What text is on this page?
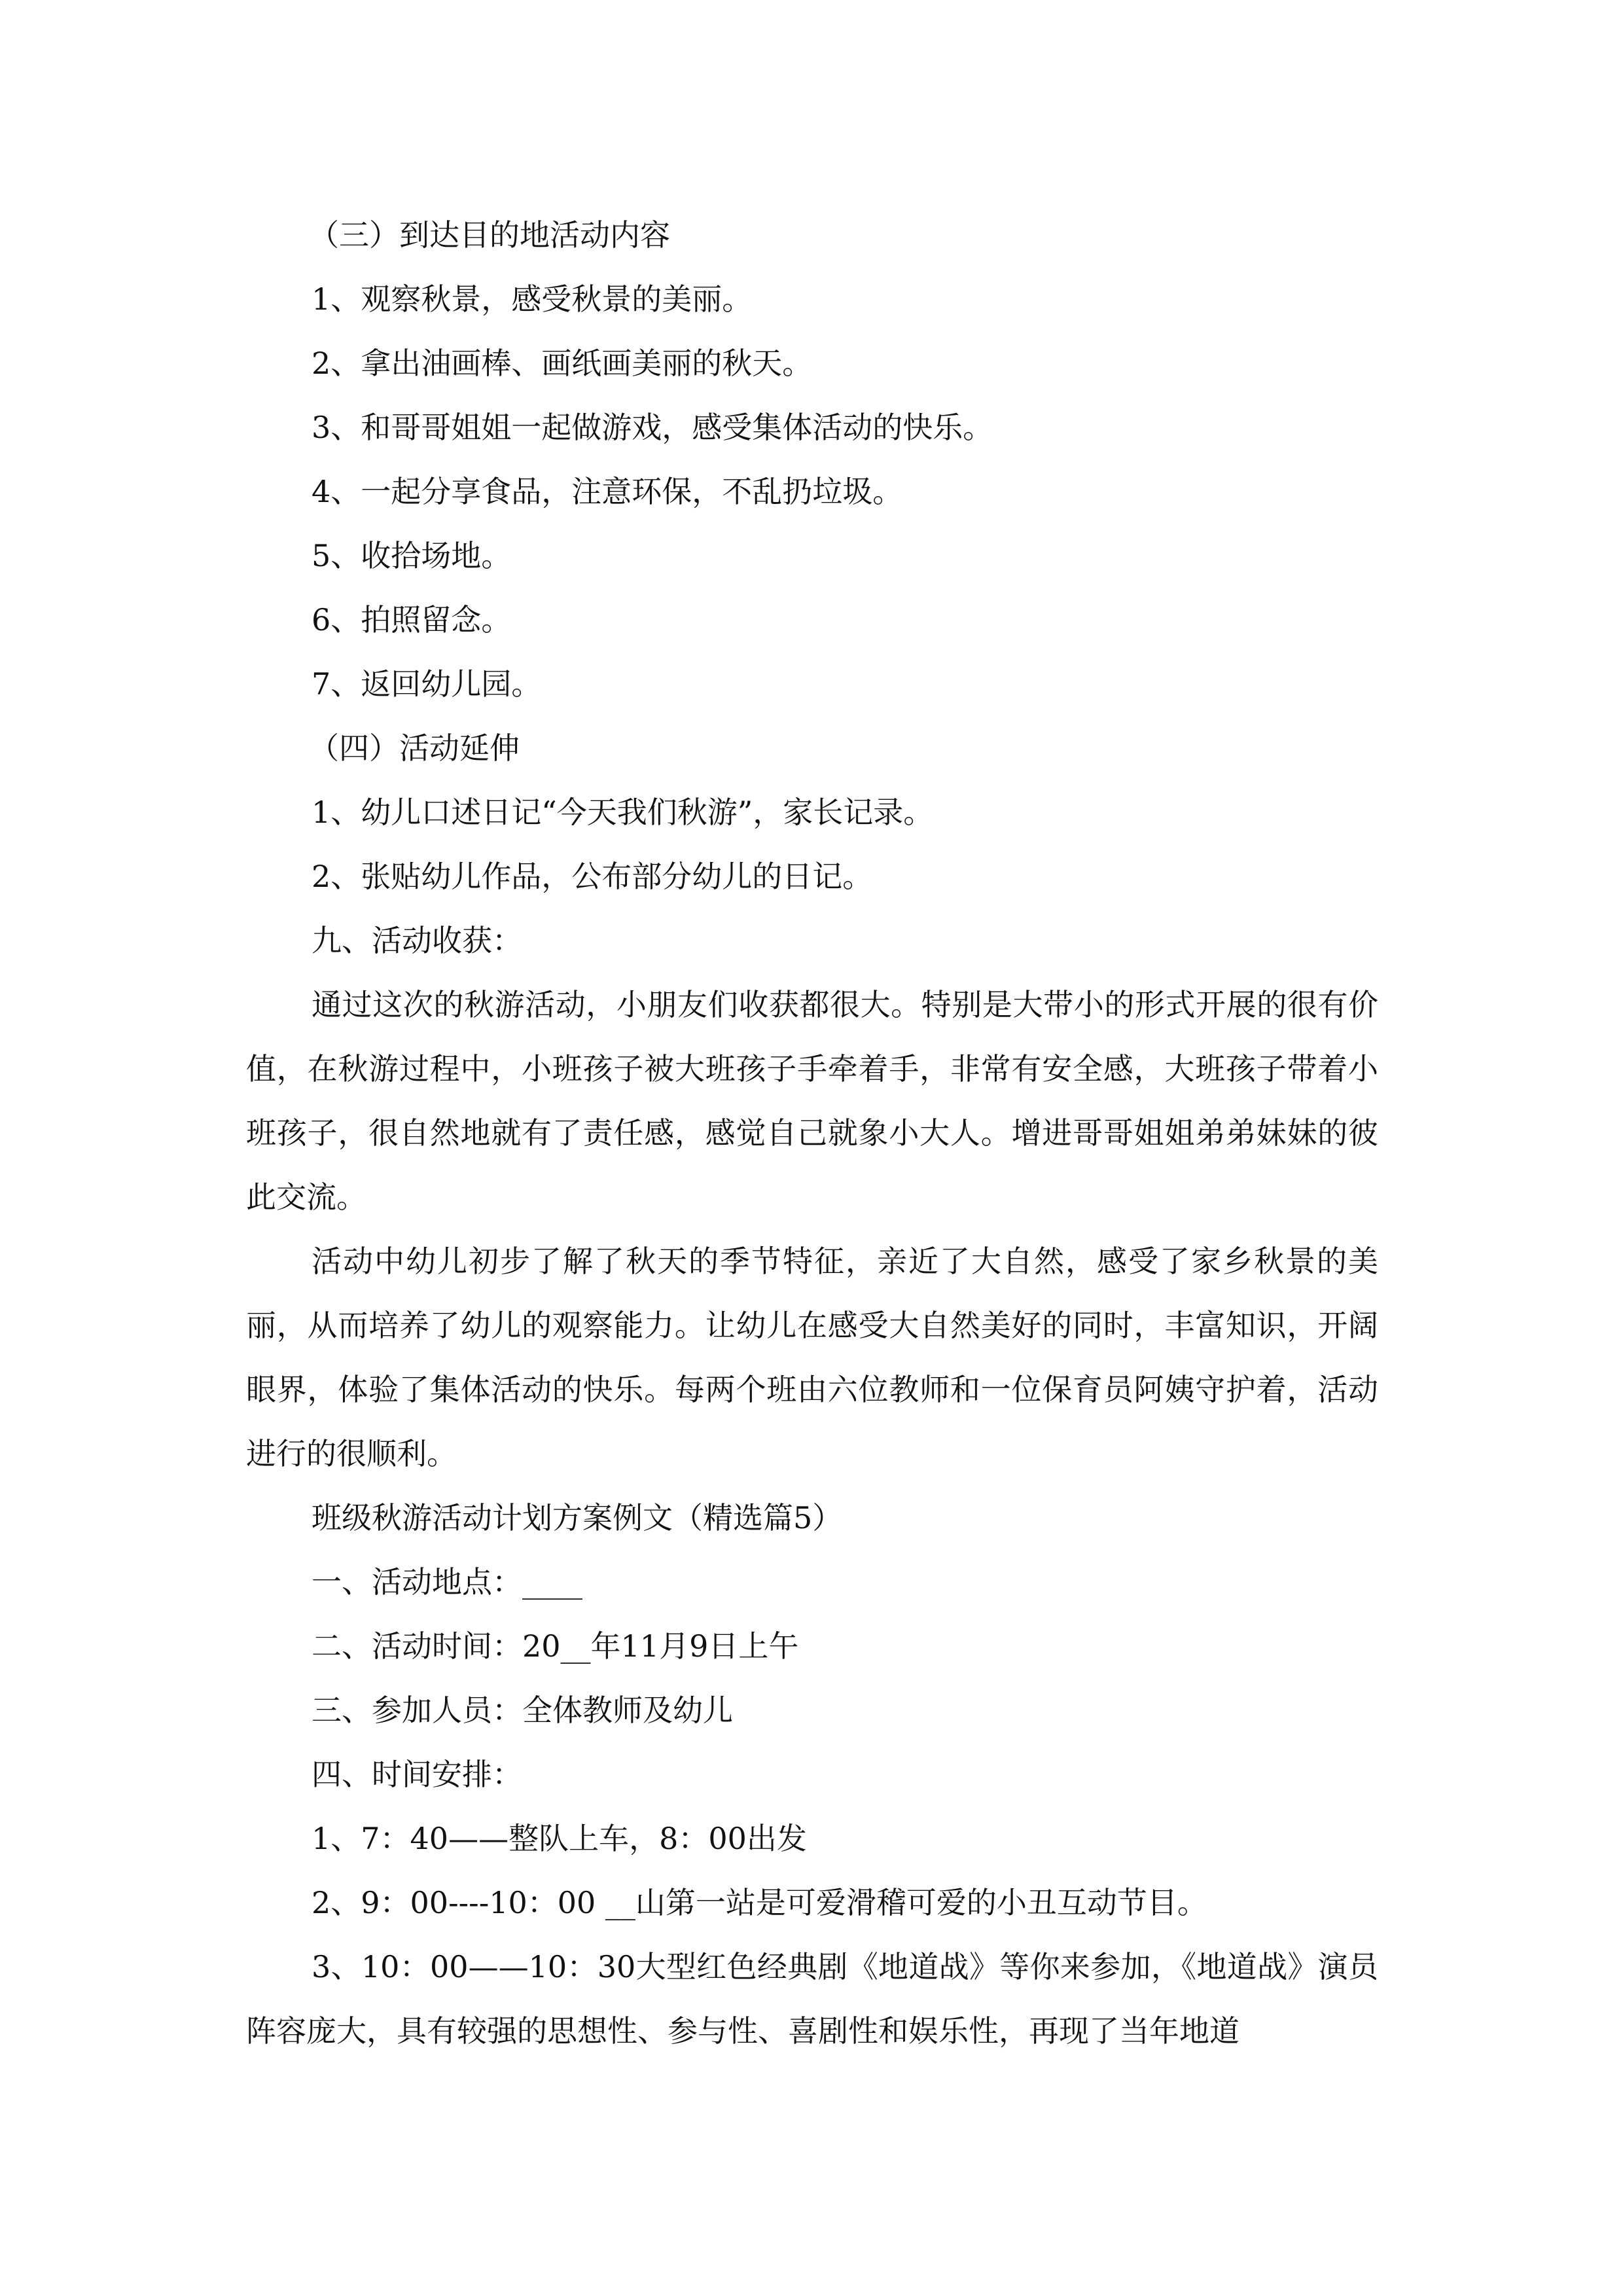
（三）到达目的地活动内容

1、观察秋景，感受秋景的美丽。

2、拿出油画棒、画纸画美丽的秋天。

3、和哥哥姐姐一起做游戏，感受集体活动的快乐。

4、一起分享食品，注意环保，不乱扔垃圾。

5、收拾场地。

6、拍照留念。

7、返回幼儿园。

（四）活动延伸

1、幼儿口述日记“今天我们秋游”，家长记录。

2、张贴幼儿作品，公布部分幼儿的日记。

九、活动收获：

通过这次的秋游活动，小朋友们收获都很大。特别是大带小的形式开展的很有价值，在秋游过程中，小班孩子被大班孩子手牵着手，非常有安全感，大班孩子带着小班孩子，很自然地就有了责任感，感觉自己就象小大人。增进哥哥姐姐弟弟妹妹的彼此交流。

活动中幼儿初步了解了秋天的季节特征，亲近了大自然，感受了家乡秋景的美丽，从而培养了幼儿的观察能力。让幼儿在感受大自然美好的同时，丰富知识，开阔眼界，体验了集体活动的快乐。每两个班由六位教师和一位保育员阿姨守护着，活动进行的很顺利。

班级秋游活动计划方案例文（精选篇5）

一、活动地点：____

二、活动时间：20__年11月9日上午

三、参加人员：全体教师及幼儿

四、时间安排：

1、7：40——整队上车，8：00出发

2、9：00----10：00 __山第一站是可爱滑稽可爱的小丑互动节目。

3、10：00——10：30大型红色经典剧《地道战》等你来参加，《地道战》演员阵容庞大，具有较强的思想性、参与性、喜剧性和娱乐性，再现了当年地道
